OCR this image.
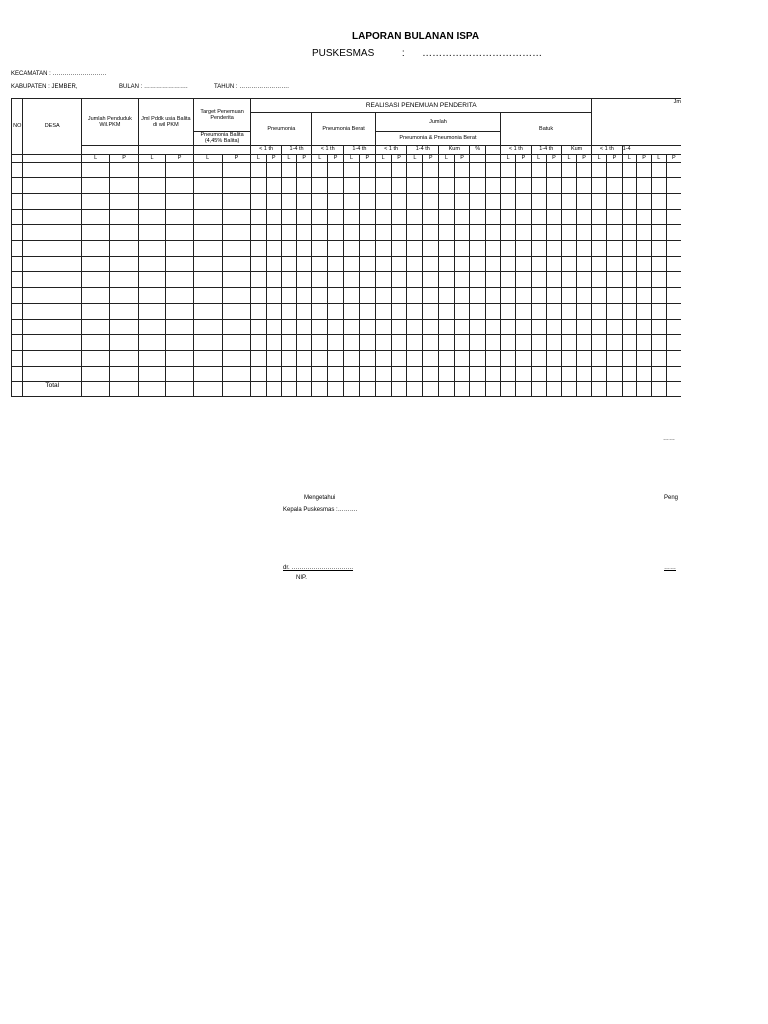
LAPORAN BULANAN ISPA
PUSKESMAS	: ………………………………
KECAMATAN : ………………………
KABUPATEN : JEMBER,	BULAN : ………………….	TAHUN : …………………….
NO	DESA	Jumlah Penduduk Wil.PKM		Jml Pddk usia Balita di wil PKM		Target Penemuan Penderita		REALISASI PENEMUAN PENDERITA																						Jm					
								Pneumonia				Pneumonia Berat				Jumlah								Batuk											
						Pneumonia Balita (4,45% Balita)										Pneumonia & Pneumonia Berat																			
								< 1 th		1-4 th		< 1 th		1-4 th		< 1 th		1-4 th		Kum		%		< 1 th		1-4 th		Kum		< 1 th		1-4			
		L	P	L	P	L	P	L	P	L	P	L	P	L	P	L	P	L	P	L	P			L	P	L	P	L	P	L	P	L	P	L	P

	Total																																		
……
Mengetahui
Kepala Puskesmas :……….
dr. ………………………….
NIP.
Peng
……
